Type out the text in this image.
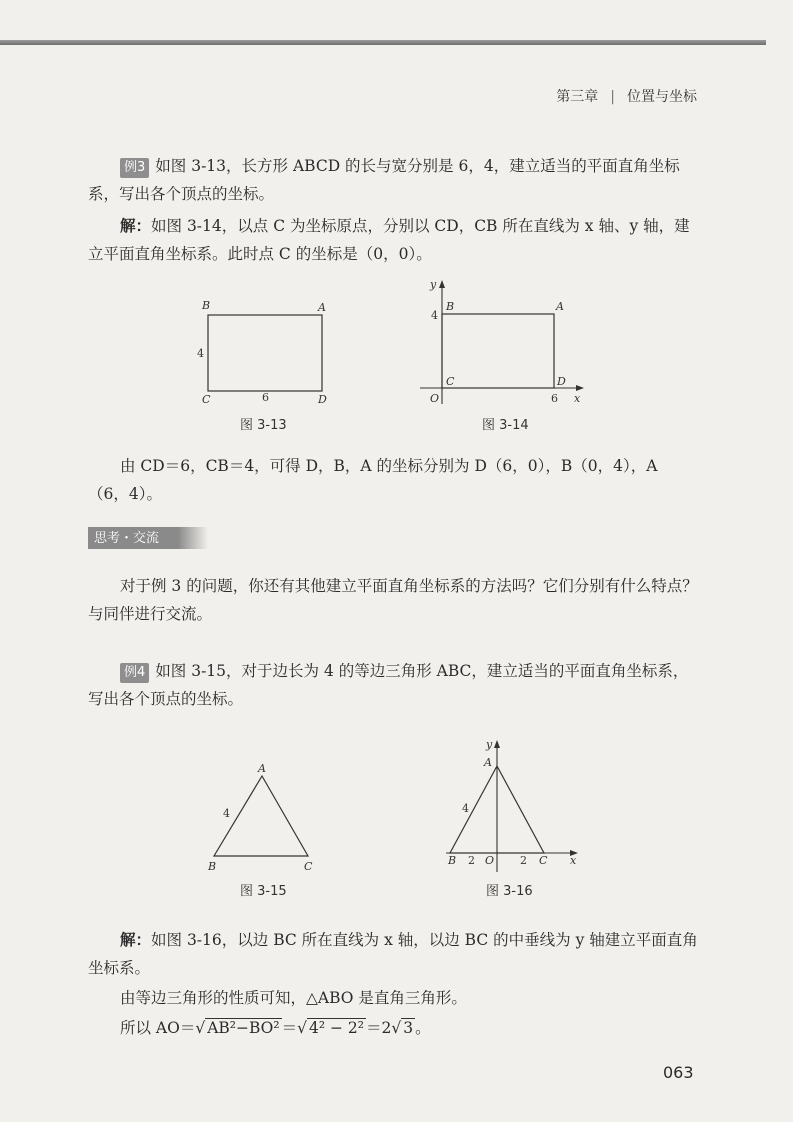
第三章 | 位置与坐标
例3 如图 3-13，长方形 ABCD 的长与宽分别是 6，4，建立适当的平面直角坐标系，写出各个顶点的坐标。
解：如图 3-14，以点 C 为坐标原点，分别以 CD，CB 所在直线为 x 轴、y 轴，建立平面直角坐标系。此时点 C 的坐标是（0，0）。
B	A
C	D
6
4
图 3-13
y
x
O
B	A
C	D
4
6
图 3-14
由 CD＝6，CB＝4，可得 D，B，A 的坐标分别为 D（6，0），B（0，4），A（6，4）。
思考・交流
对于例 3 的问题，你还有其他建立平面直角坐标系的方法吗？它们分别有什么特点？与同伴进行交流。
例4 如图 3-15，对于边长为 4 的等边三角形 ABC，建立适当的平面直角坐标系，写出各个顶点的坐标。
A
B	C
4
图 3-15
y
x
A
B	C
O
2	2
4
图 3-16
解：如图 3-16，以边 BC 所在直线为 x 轴，以边 BC 的中垂线为 y 轴建立平面直角坐标系。
由等边三角形的性质可知，△ABO 是直角三角形。
所以 AO＝√ AB²−BO² ＝√ 4² − 2² ＝2√ 3 。
063
